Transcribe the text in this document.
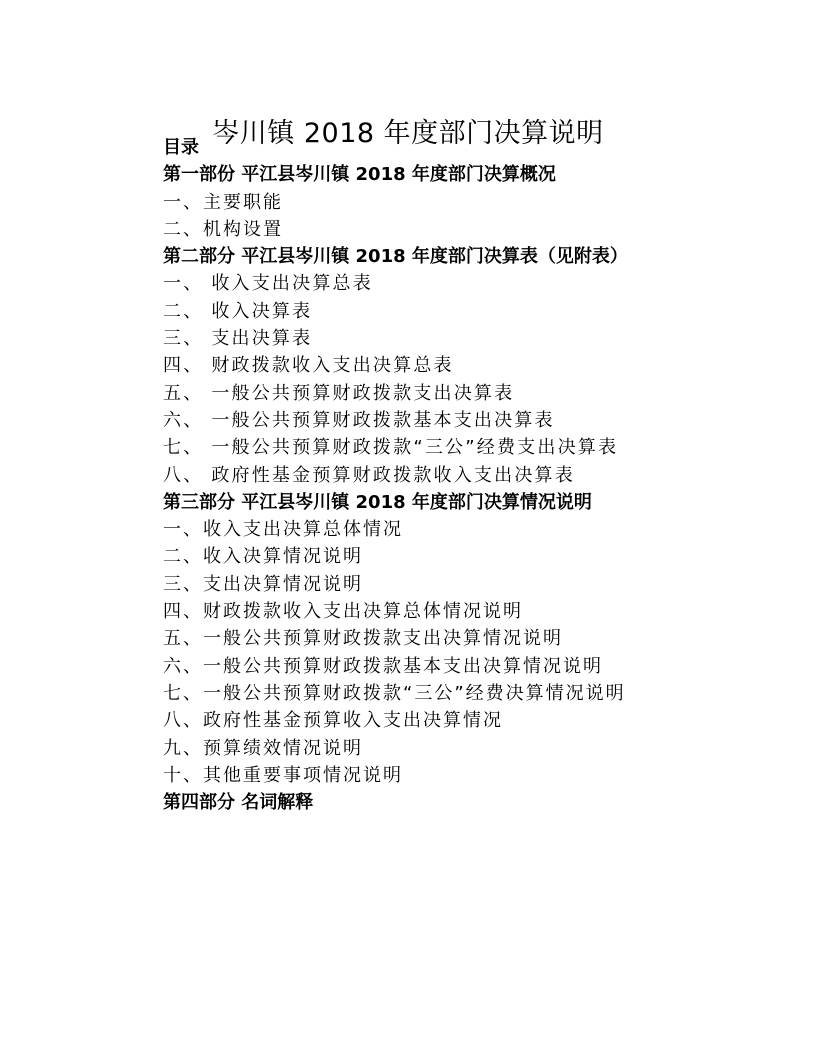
岑川镇 2018 年度部门决算说明
目录
第一部份 平江县岑川镇 2018 年度部门决算概况
一、主要职能
二、机构设置
第二部分 平江县岑川镇 2018 年度部门决算表（见附表）
一、 收入支出决算总表
二、 收入决算表
三、 支出决算表
四、 财政拨款收入支出决算总表
五、 一般公共预算财政拨款支出决算表
六、 一般公共预算财政拨款基本支出决算表
七、 一般公共预算财政拨款“三公”经费支出决算表
八、 政府性基金预算财政拨款收入支出决算表
第三部分 平江县岑川镇 2018 年度部门决算情况说明
一、收入支出决算总体情况
二、收入决算情况说明
三、支出决算情况说明
四、财政拨款收入支出决算总体情况说明
五、一般公共预算财政拨款支出决算情况说明
六、一般公共预算财政拨款基本支出决算情况说明
七、一般公共预算财政拨款“三公”经费决算情况说明
八、政府性基金预算收入支出决算情况
九、预算绩效情况说明
十、其他重要事项情况说明
第四部分 名词解释
